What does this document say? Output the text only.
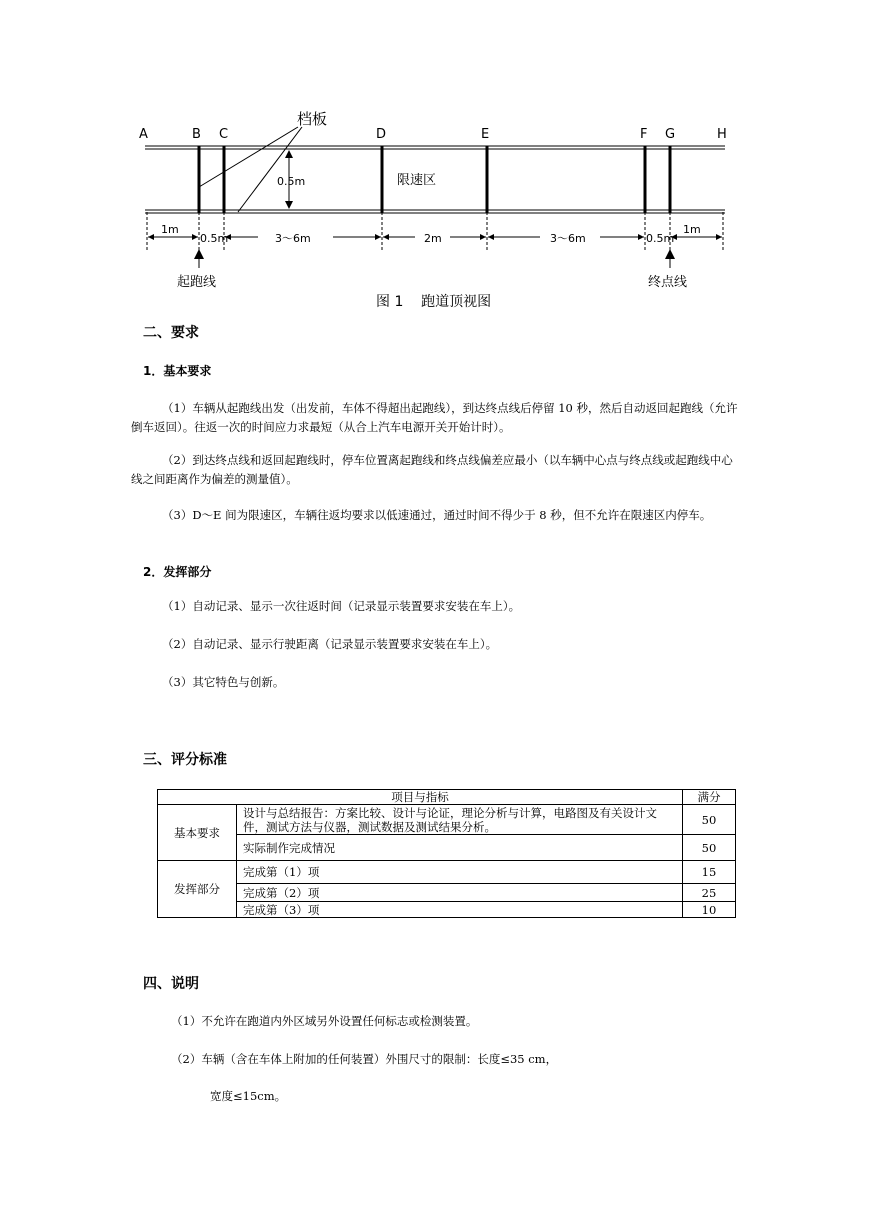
A	B C	D	E	F G	H
档板
0.5m	限速区
1m
0.5m	3～6m	2m	3～6m	0.5m
1m
起跑线	终点线
图 1    跑道顶视图
二、要求
1．基本要求
（1）车辆从起跑线出发（出发前，车体不得超出起跑线），到达终点线后停留 10 秒，然后自动返回起跑线（允许倒车返回）。往返一次的时间应力求最短（从合上汽车电源开关开始计时）。
（2）到达终点线和返回起跑线时，停车位置离起跑线和终点线偏差应最小（以车辆中心点与终点线或起跑线中心线之间距离作为偏差的测量值）。
（3）D～E 间为限速区，车辆往返均要求以低速通过，通过时间不得少于 8 秒，但不允许在限速区内停车。
2．发挥部分
（1）自动记录、显示一次往返时间（记录显示装置要求安装在车上）。
（2）自动记录、显示行驶距离（记录显示装置要求安装在车上）。
（3）其它特色与创新。
三、评分标准
项目与指标		满分
基本要求	设计与总结报告：方案比较、设计与论证，理论分析与计算，电路图及有关设计文件，测试方法与仪器，测试数据及测试结果分析。	50
	实际制作完成情况	50
发挥部分	完成第（1）项	15
	完成第（2）项	25
	完成第（3）项	10
四、说明
（1）不允许在跑道内外区域另外设置任何标志或检测装置。
（2）车辆（含在车体上附加的任何装置）外围尺寸的限制：长度≤35 cm，
宽度≤15cm。
